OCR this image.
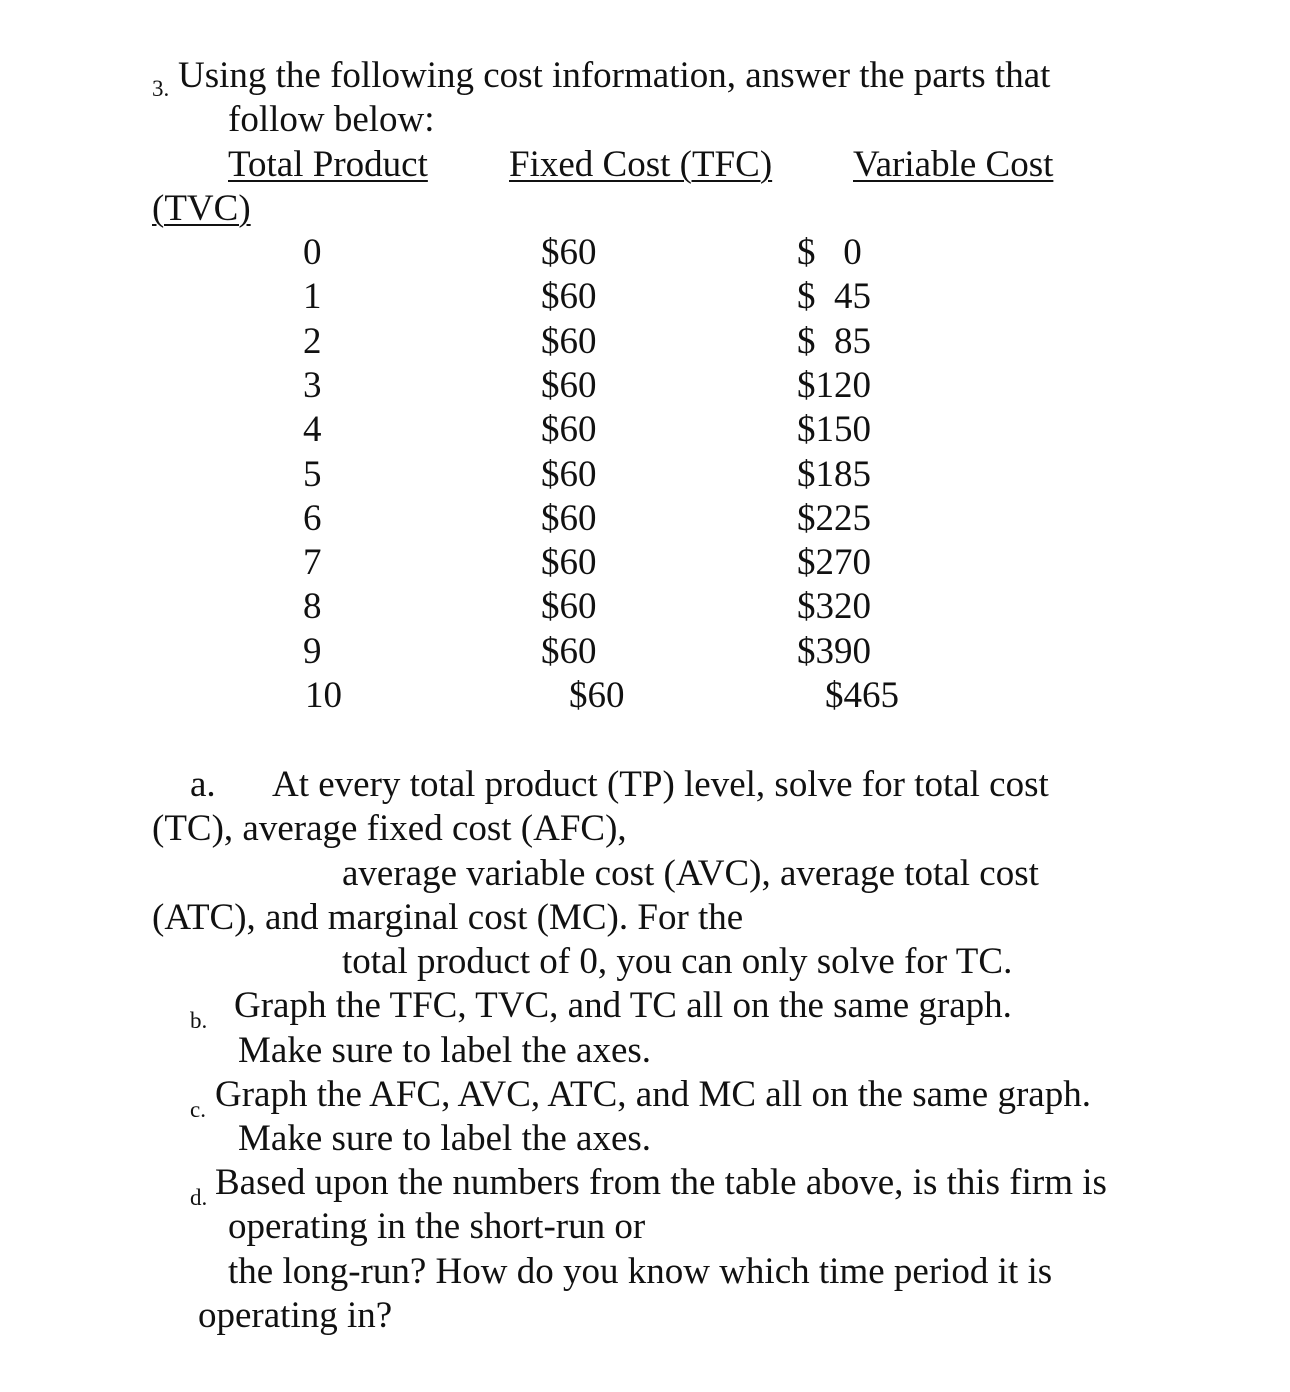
3. Using the following cost information, answer the parts that
follow below:
Total Product Fixed Cost (TFC) Variable Cost
(TVC)
0	$60	$   0
1	$60	$  45
2	$60	$  85
3	$60	$120
4	$60	$150
5	$60	$185
6	$60	$225
7	$60	$270
8	$60	$320
9	$60	$390
10	$60	$465
a. At every total product (TP) level, solve for total cost
(TC), average fixed cost (AFC),
average variable cost (AVC), average total cost
(ATC), and marginal cost (MC). For the
total product of 0, you can only solve for TC.
b. Graph the TFC, TVC, and TC all on the same graph.
Make sure to label the axes.
c. Graph the AFC, AVC, ATC, and MC all on the same graph.
Make sure to label the axes.
d. Based upon the numbers from the table above, is this firm is
operating in the short-run or
the long-run? How do you know which time period it is
operating in?
